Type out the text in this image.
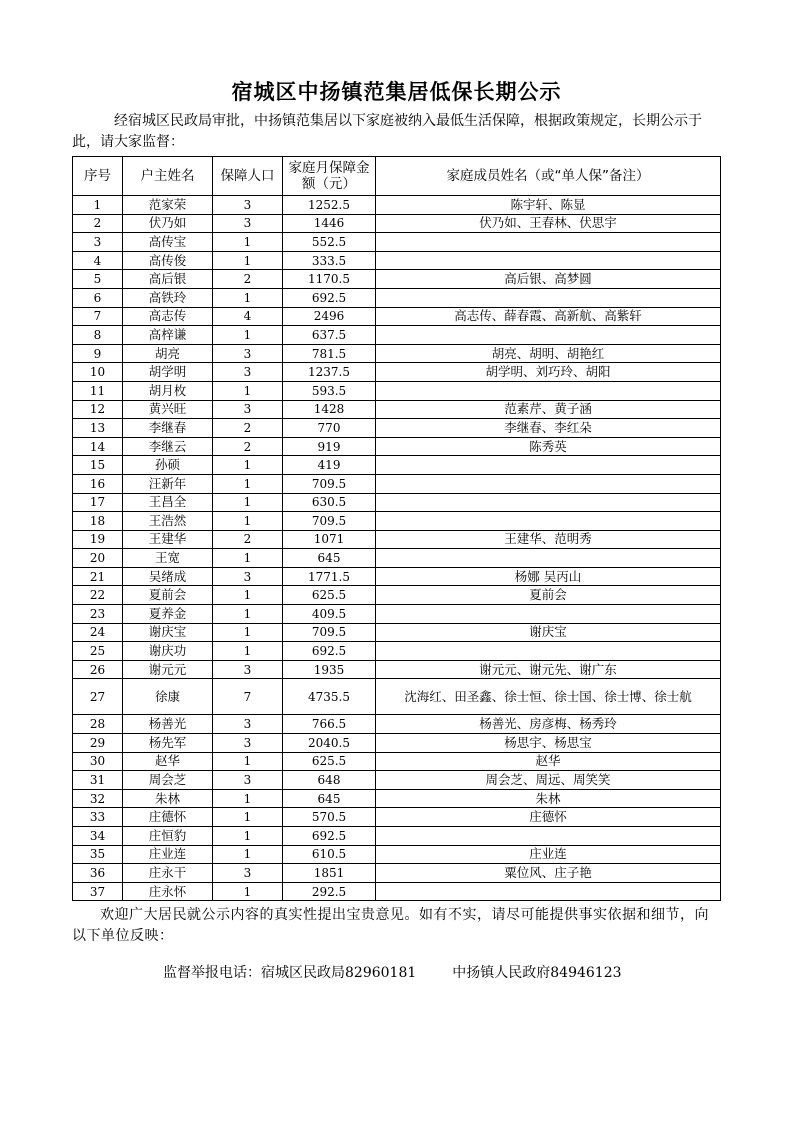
宿城区中扬镇范集居低保长期公示
经宿城区民政局审批，中扬镇范集居以下家庭被纳入最低生活保障，根据政策规定，长期公示于此，请大家监督：
序号	户主姓名	保障人口	家庭月保障金额（元）	家庭成员姓名（或“单人保”备注）
1	范家荣	3	1252.5	陈宇轩、陈显
2	伏乃如	3	1446	伏乃如、王春林、伏思宇
3	高传宝	1	552.5	
4	高传俊	1	333.5	
5	高后银	2	1170.5	高后银、高梦圆
6	高铁玲	1	692.5	
7	高志传	4	2496	高志传、薛春霞、高新航、高紫轩
8	高梓谦	1	637.5	
9	胡亮	3	781.5	胡亮、胡明、胡艳红
10	胡学明	3	1237.5	胡学明、刘巧玲、胡阳
11	胡月枚	1	593.5	
12	黄兴旺	3	1428	范素芹、黄子涵
13	李继春	2	770	李继春、李红朵
14	李继云	2	919	陈秀英
15	孙硕	1	419	
16	汪新年	1	709.5	
17	王昌全	1	630.5	
18	王浩然	1	709.5	
19	王建华	2	1071	王建华、范明秀
20	王宽	1	645	
21	吴绪成	3	1771.5	杨娜 吴丙山
22	夏前会	1	625.5	夏前会
23	夏养金	1	409.5	
24	谢庆宝	1	709.5	谢庆宝
25	谢庆功	1	692.5	
26	谢元元	3	1935	谢元元、谢元先、谢广东
27	徐康	7	4735.5	沈海红、田圣鑫、徐士恒、徐士国、徐士博、徐士航
28	杨善光	3	766.5	杨善光、房彦梅、杨秀玲
29	杨先军	3	2040.5	杨思宇、杨思宝
30	赵华	1	625.5	赵华
31	周会芝	3	648	周会芝、周远、周笑笑
32	朱林	1	645	朱林
33	庄德怀	1	570.5	庄德怀
34	庄恒豹	1	692.5	
35	庄业连	1	610.5	庄业连
36	庄永干	3	1851	粟位风、庄子艳
37	庄永怀	1	292.5	
欢迎广大居民就公示内容的真实性提出宝贵意见。如有不实，请尽可能提供事实依据和细节，向以下单位反映：
监督举报电话：宿城区民政局82960181	中扬镇人民政府84946123
